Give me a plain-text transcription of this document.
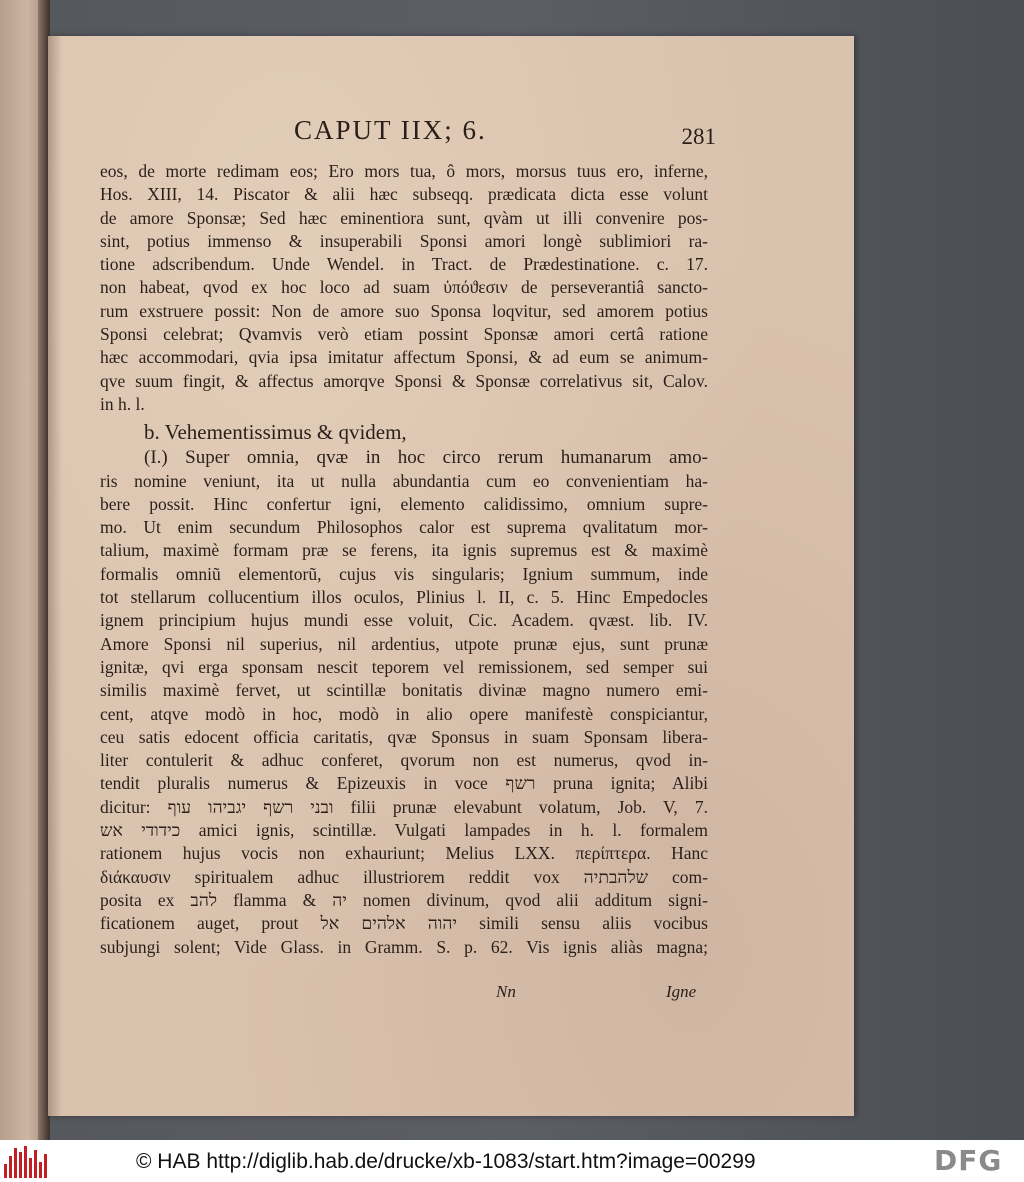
CAPUT IIX; 6.	281
eos, de morte redimam eos; Ero mors tua, ô mors, morsus tuus ero, inferne,
Hos. XIII, 14. Piscator & alii hæc subseqq. prædicata dicta esse volunt
de amore Sponsæ; Sed hæc eminentiora sunt, qvàm ut illi convenire pos-
sint, potius immenso & insuperabili Sponsi amori longè sublimiori ra-
tione adscribendum. Unde Wendel. in Tract. de Prædestinatione. c. 17.
non habeat, qvod ex hoc loco ad suam ὑπόϑεσιν de perseverantiâ sancto-
rum exstruere possit: Non de amore suo Sponsa loqvitur, sed amorem potius
Sponsi celebrat; Qvamvis verò etiam possint Sponsæ amori certâ ratione
hæc accommodari, qvia ipsa imitatur affectum Sponsi, & ad eum se animum-
qve suum fingit, & affectus amorqve Sponsi & Sponsæ correlativus sit, Calov.
in h. l.
b. Vehementissimus & qvidem,
(I.) Super omnia, qvæ in hoc circo rerum humanarum amo-
ris nomine veniunt, ita ut nulla abundantia cum eo convenientiam ha-
bere possit. Hinc confertur igni, elemento calidissimo, omnium supre-
mo. Ut enim secundum Philosophos calor est suprema qvalitatum mor-
talium, maximè formam præ se ferens, ita ignis supremus est & maximè
formalis omniũ elementorũ, cujus vis singularis; Ignium summum, inde
tot stellarum collucentium illos oculos, Plinius l. II, c. 5. Hinc Empedocles
ignem principium hujus mundi esse voluit, Cic. Academ. qvæst. lib. IV.
Amore Sponsi nil superius, nil ardentius, utpote prunæ ejus, sunt prunæ
ignitæ, qvi erga sponsam nescit teporem vel remissionem, sed semper sui
similis maximè fervet, ut scintillæ bonitatis divinæ magno numero emi-
cent, atqve modò in hoc, modò in alio opere manifestè conspiciantur,
ceu satis edocent officia caritatis, qvæ Sponsus in suam Sponsam libera-
liter contulerit & adhuc conferet, qvorum non est numerus, qvod in-
tendit pluralis numerus & Epizeuxis in voce רשף pruna ignita; Alibi
dicitur: ובני רשף יגביהו עוף filii prunæ elevabunt volatum, Job. V, 7.
כידודי אש amici ignis, scintillæ. Vulgati lampades in h. l. formalem
rationem hujus vocis non exhauriunt; Melius LXX. περίπτερα. Hanc
διάκαυσιν spiritualem adhuc illustriorem reddit vox שלהבתיה com-
posita ex להב flamma & יה nomen divinum, qvod alii additum signi-
ficationem auget, prout יהוה אלהים אל simili sensu aliis vocibus
subjungi solent; Vide Glass. in Gramm. S. p. 62. Vis ignis aliàs magna;
Nn	Igne
© HAB http://diglib.hab.de/drucke/xb-1083/start.htm?image=00299	DFG
